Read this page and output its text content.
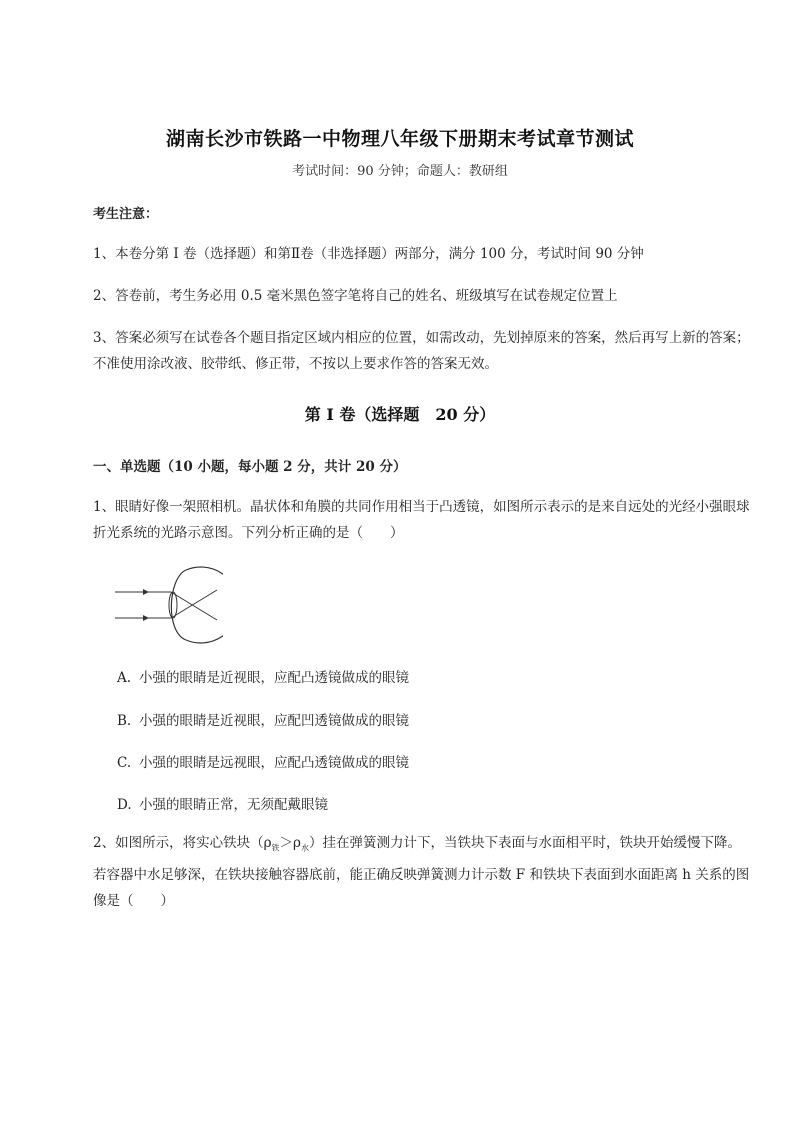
湖南长沙市铁路一中物理八年级下册期末考试章节测试
考试时间：90 分钟；命题人：教研组
考生注意：
1、本卷分第 I 卷（选择题）和第Ⅱ卷（非选择题）两部分，满分 100 分，考试时间 90 分钟
2、答卷前，考生务必用 0.5 毫米黑色签字笔将自己的姓名、班级填写在试卷规定位置上
3、答案必须写在试卷各个题目指定区域内相应的位置，如需改动，先划掉原来的答案，然后再写上新的答案；不准使用涂改液、胶带纸、修正带，不按以上要求作答的答案无效。
第 I 卷（选择题　20 分）
一、单选题（10 小题，每小题 2 分，共计 20 分）
1、眼睛好像一架照相机。晶状体和角膜的共同作用相当于凸透镜，如图所示表示的是来自远处的光经小强眼球折光系统的光路示意图。下列分析正确的是（　　）
A. 小强的眼睛是近视眼，应配凸透镜做成的眼镜
B. 小强的眼睛是近视眼，应配凹透镜做成的眼镜
C. 小强的眼睛是远视眼，应配凸透镜做成的眼镜
D. 小强的眼睛正常，无须配戴眼镜
2、如图所示，将实心铁块$(\rho_铁>\rho_水)$挂在弹簧测力计下，当铁块下表面与水面相平时，铁块开始缓慢下降。若容器中水足够深，在铁块接触容器底前，能正确反映弹簧测力计示数 F 和铁块下表面到水面距离 h 关系的图像是（　　）
